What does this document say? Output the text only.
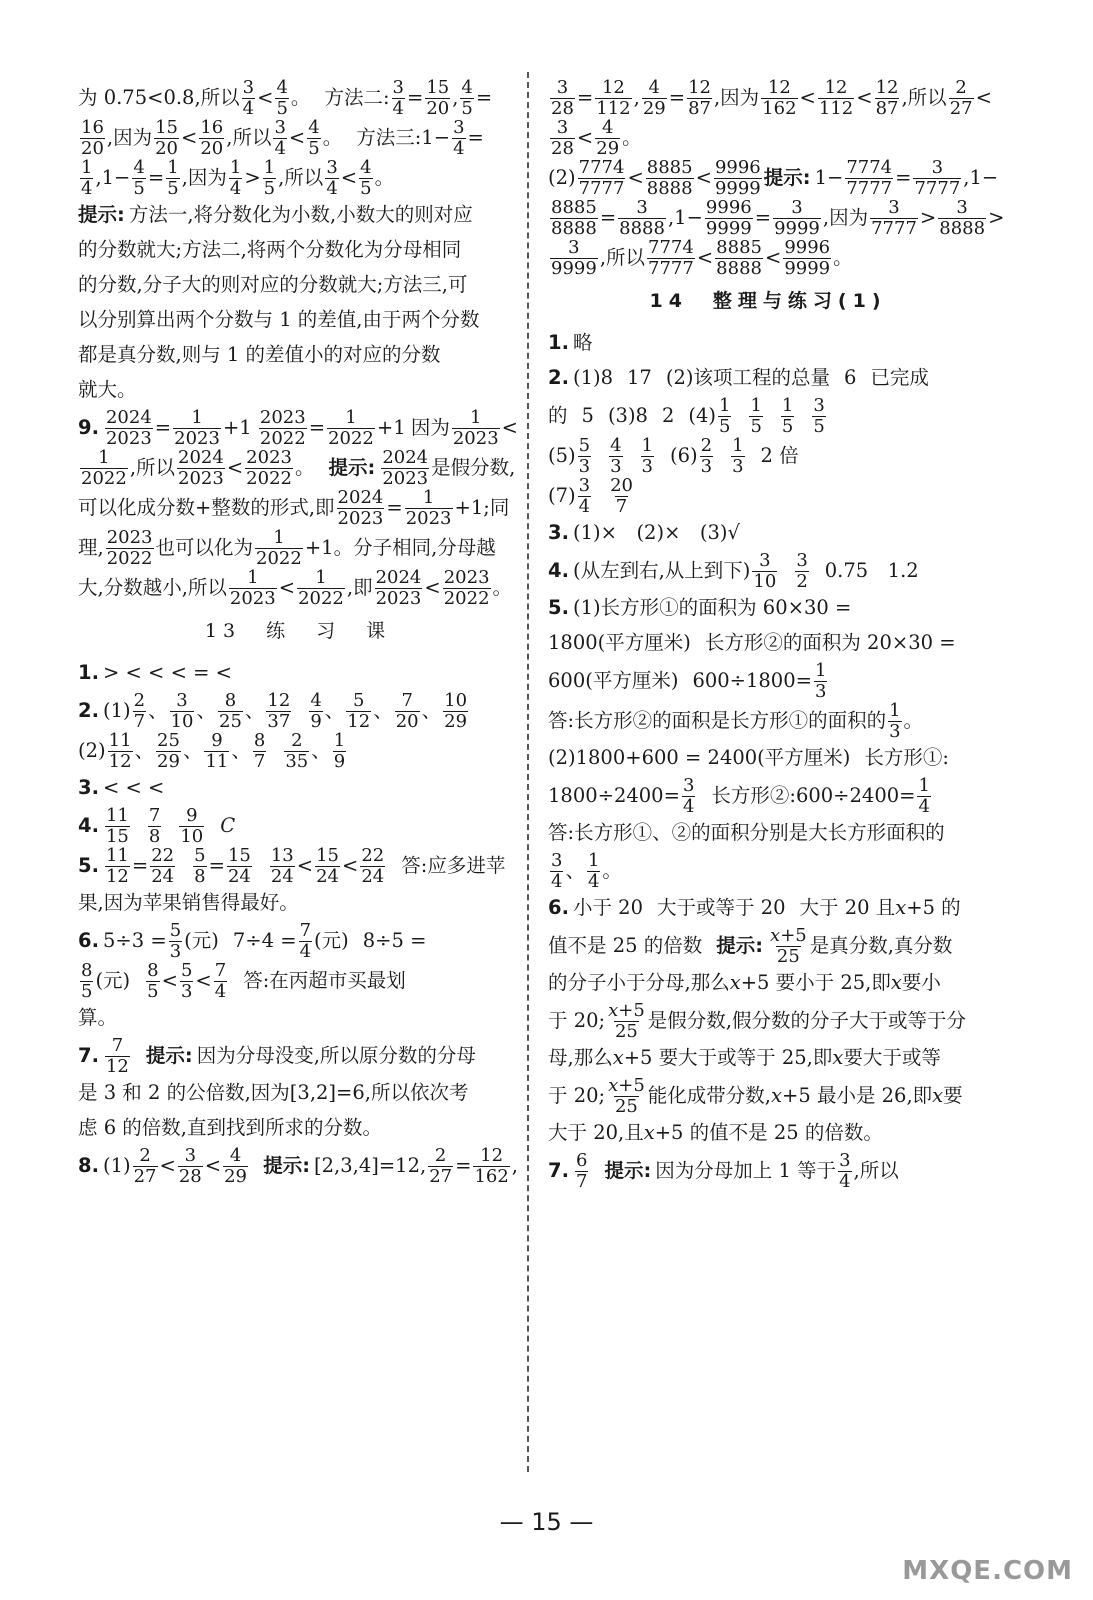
为 0.75<0.8,所以 $\frac{3}{4} < \frac{4}{5}$ 。 方法二: $\frac{3}{4} = \frac{15}{20}$ , $\frac{4}{5}$ =
$\frac{16}{20}$ ,因为 $\frac{15}{20} < \frac{16}{20}$ ,所以 $\frac{3}{4} < \frac{4}{5}$ 。 方法三:1− $\frac{3}{4}$ =
$\frac{1}{4} ,1- \frac{4}{5} = \frac{1}{5}$ ,因为 $\frac{1}{4} > \frac{1}{5}$ ,所以 $\frac{3}{4} < \frac{4}{5}$ 。
提示: 方法一,将分数化为小数,小数大的则对应
的分数就大;方法二,将两个分数化为分母相同
的分数,分子大的则对应的分数就大;方法三,可
以分别算出两个分数与 1 的差值,由于两个分数
都是真分数,则与 1 的差值小的对应的分数
就大。
9. $\frac{2024}{2023} = \frac{1}{2023} +1 \frac{2023}{2022} = \frac{1}{2022} +1$ 因为 $\frac{1}{2023}$ <
$\frac{1}{2022}$ ,所以 $\frac{2024}{2023} < \frac{2023}{2022}$ 。 提示: $\frac{2024}{2023}$ 是假分数,
可以化成分数+整数的形式,即 $\frac{2024}{2023} = \frac{1}{2023} +1$;同
理, $\frac{2023}{2022}$ 也可以化为 $\frac{1}{2022} +1$。分子相同,分母越
大,分数越小,所以 $\frac{1}{2023} < \frac{1}{2022}$ ,即 $\frac{2024}{2023} < \frac{2023}{2022}$ 。
13　练　习　课
1. > < < < = <
2. $(1) \frac{2}{7}$ 、 $\frac{3}{10}$ 、 $\frac{8}{25}$ 、 $\frac{12}{37} \frac{4}{9}$ 、 $\frac{5}{12}$ 、 $\frac{7}{20}$ 、 $\frac{10}{29}$
$(2) \frac{11}{12}$ 、 $\frac{25}{29}$ 、 $\frac{9}{11}$ 、 $\frac{8}{7} \frac{2}{35}$ 、 $\frac{1}{9}$
3. < < <
4. $\frac{11}{15} \frac{7}{8} \frac{9}{10}$ C
5. $\frac{11}{12} = \frac{22}{24} \frac{5}{8} = \frac{15}{24} \frac{13}{24} < \frac{15}{24} < \frac{22}{24}$ 答:应多进苹
果,因为苹果销售得最好。
6. $5\div 3 = \frac{5}{3}$ (元) $7\div 4 = \frac{7}{4}$ (元) 8÷5 =
$\frac{8}{5}$ (元) $\frac{8}{5} < \frac{5}{3} < \frac{7}{4}$ 答:在丙超市买最划
算。
7. $\frac{7}{12}$ 提示: 因为分母没变,所以原分数的分母
是 3 和 2 的公倍数,因为[3,2]=6,所以依次考
虑 6 的倍数,直到找到所求的分数。
8. $(1) \frac{2}{27} < \frac{3}{28} < \frac{4}{29}$ 提示: [2,3,4]=12, $\frac{2}{27} = \frac{12}{162}$ ,
$\frac{3}{28} = \frac{12}{112}$ , $\frac{4}{29} = \frac{12}{87}$ ,因为 $\frac{12}{162} < \frac{12}{112} < \frac{12}{87}$ ,所以 $\frac{2}{27}$ <
$\frac{3}{28} < \frac{4}{29}$ 。
$(2) \frac{7774}{7777} < \frac{8885}{8888} < \frac{9996}{9999}$ 提示: $1- \frac{7774}{7777} = \frac{3}{7777} ,1-$
$\frac{8885}{8888} = \frac{3}{8888} ,1- \frac{9996}{9999} = \frac{3}{9999}$ ,因为 $\frac{3}{7777} > \frac{3}{8888}$ >
$\frac{3}{9999}$ ,所以 $\frac{7774}{7777} < \frac{8885}{8888} < \frac{9996}{9999}$ 。
14　整理与练习(1)
1. 略
2. (1)8 17 (2)该项工程的总量 6 已完成
的 5 (3)8 2 $(4) \frac{1}{5} \frac{1}{5} \frac{1}{5} \frac{3}{5}$
$(5) \frac{5}{3} \frac{4}{3} \frac{1}{3} (6) \frac{2}{3} \frac{1}{3} 2$ 倍
$(7) \frac{3}{4} \frac{20}{7}$
3. (1)×　(2)×　(3)√
4. (从左到右,从上到下) $\frac{3}{10} \frac{3}{2} 0.75$　1.2
5. (1)长方形①的面积为 60×30 =
1800(平方厘米) 长方形②的面积为 20×30 =
600(平方厘米) $600\div 1800= \frac{1}{3}$
答:长方形②的面积是长方形①的面积的 $\frac{1}{3}$ 。
(2)1800+600 = 2400(平方厘米) 长方形①:
$1800\div 2400= \frac{3}{4}$ 长方形②:600÷2400= $\frac{1}{4}$
答:长方形①、②的面积分别是大长方形面积的
$\frac{3}{4}$ 、 $\frac{1}{4}$ 。
6. 小于 20 大于或等于 20 大于 20 且 x +5 的
值不是 25 的倍数 提示: $\frac{x+5}{25}$ 是真分数,真分数
的分子小于分母,那么 x +5 要小于 25,即 x 要小
于 20; $\frac{x+5}{25}$ 是假分数,假分数的分子大于或等于分
母,那么 x +5 要大于或等于 25,即 x 要大于或等
于 20; $\frac{x+5}{25}$ 能化成带分数, x +5 最小是 26,即 x 要
大于 20,且 x +5 的值不是 25 的倍数。
7. $\frac{6}{7}$ 提示: 因为分母加上 1 等于 $\frac{3}{4}$ ,所以
— 15 —
MXQE.COM
